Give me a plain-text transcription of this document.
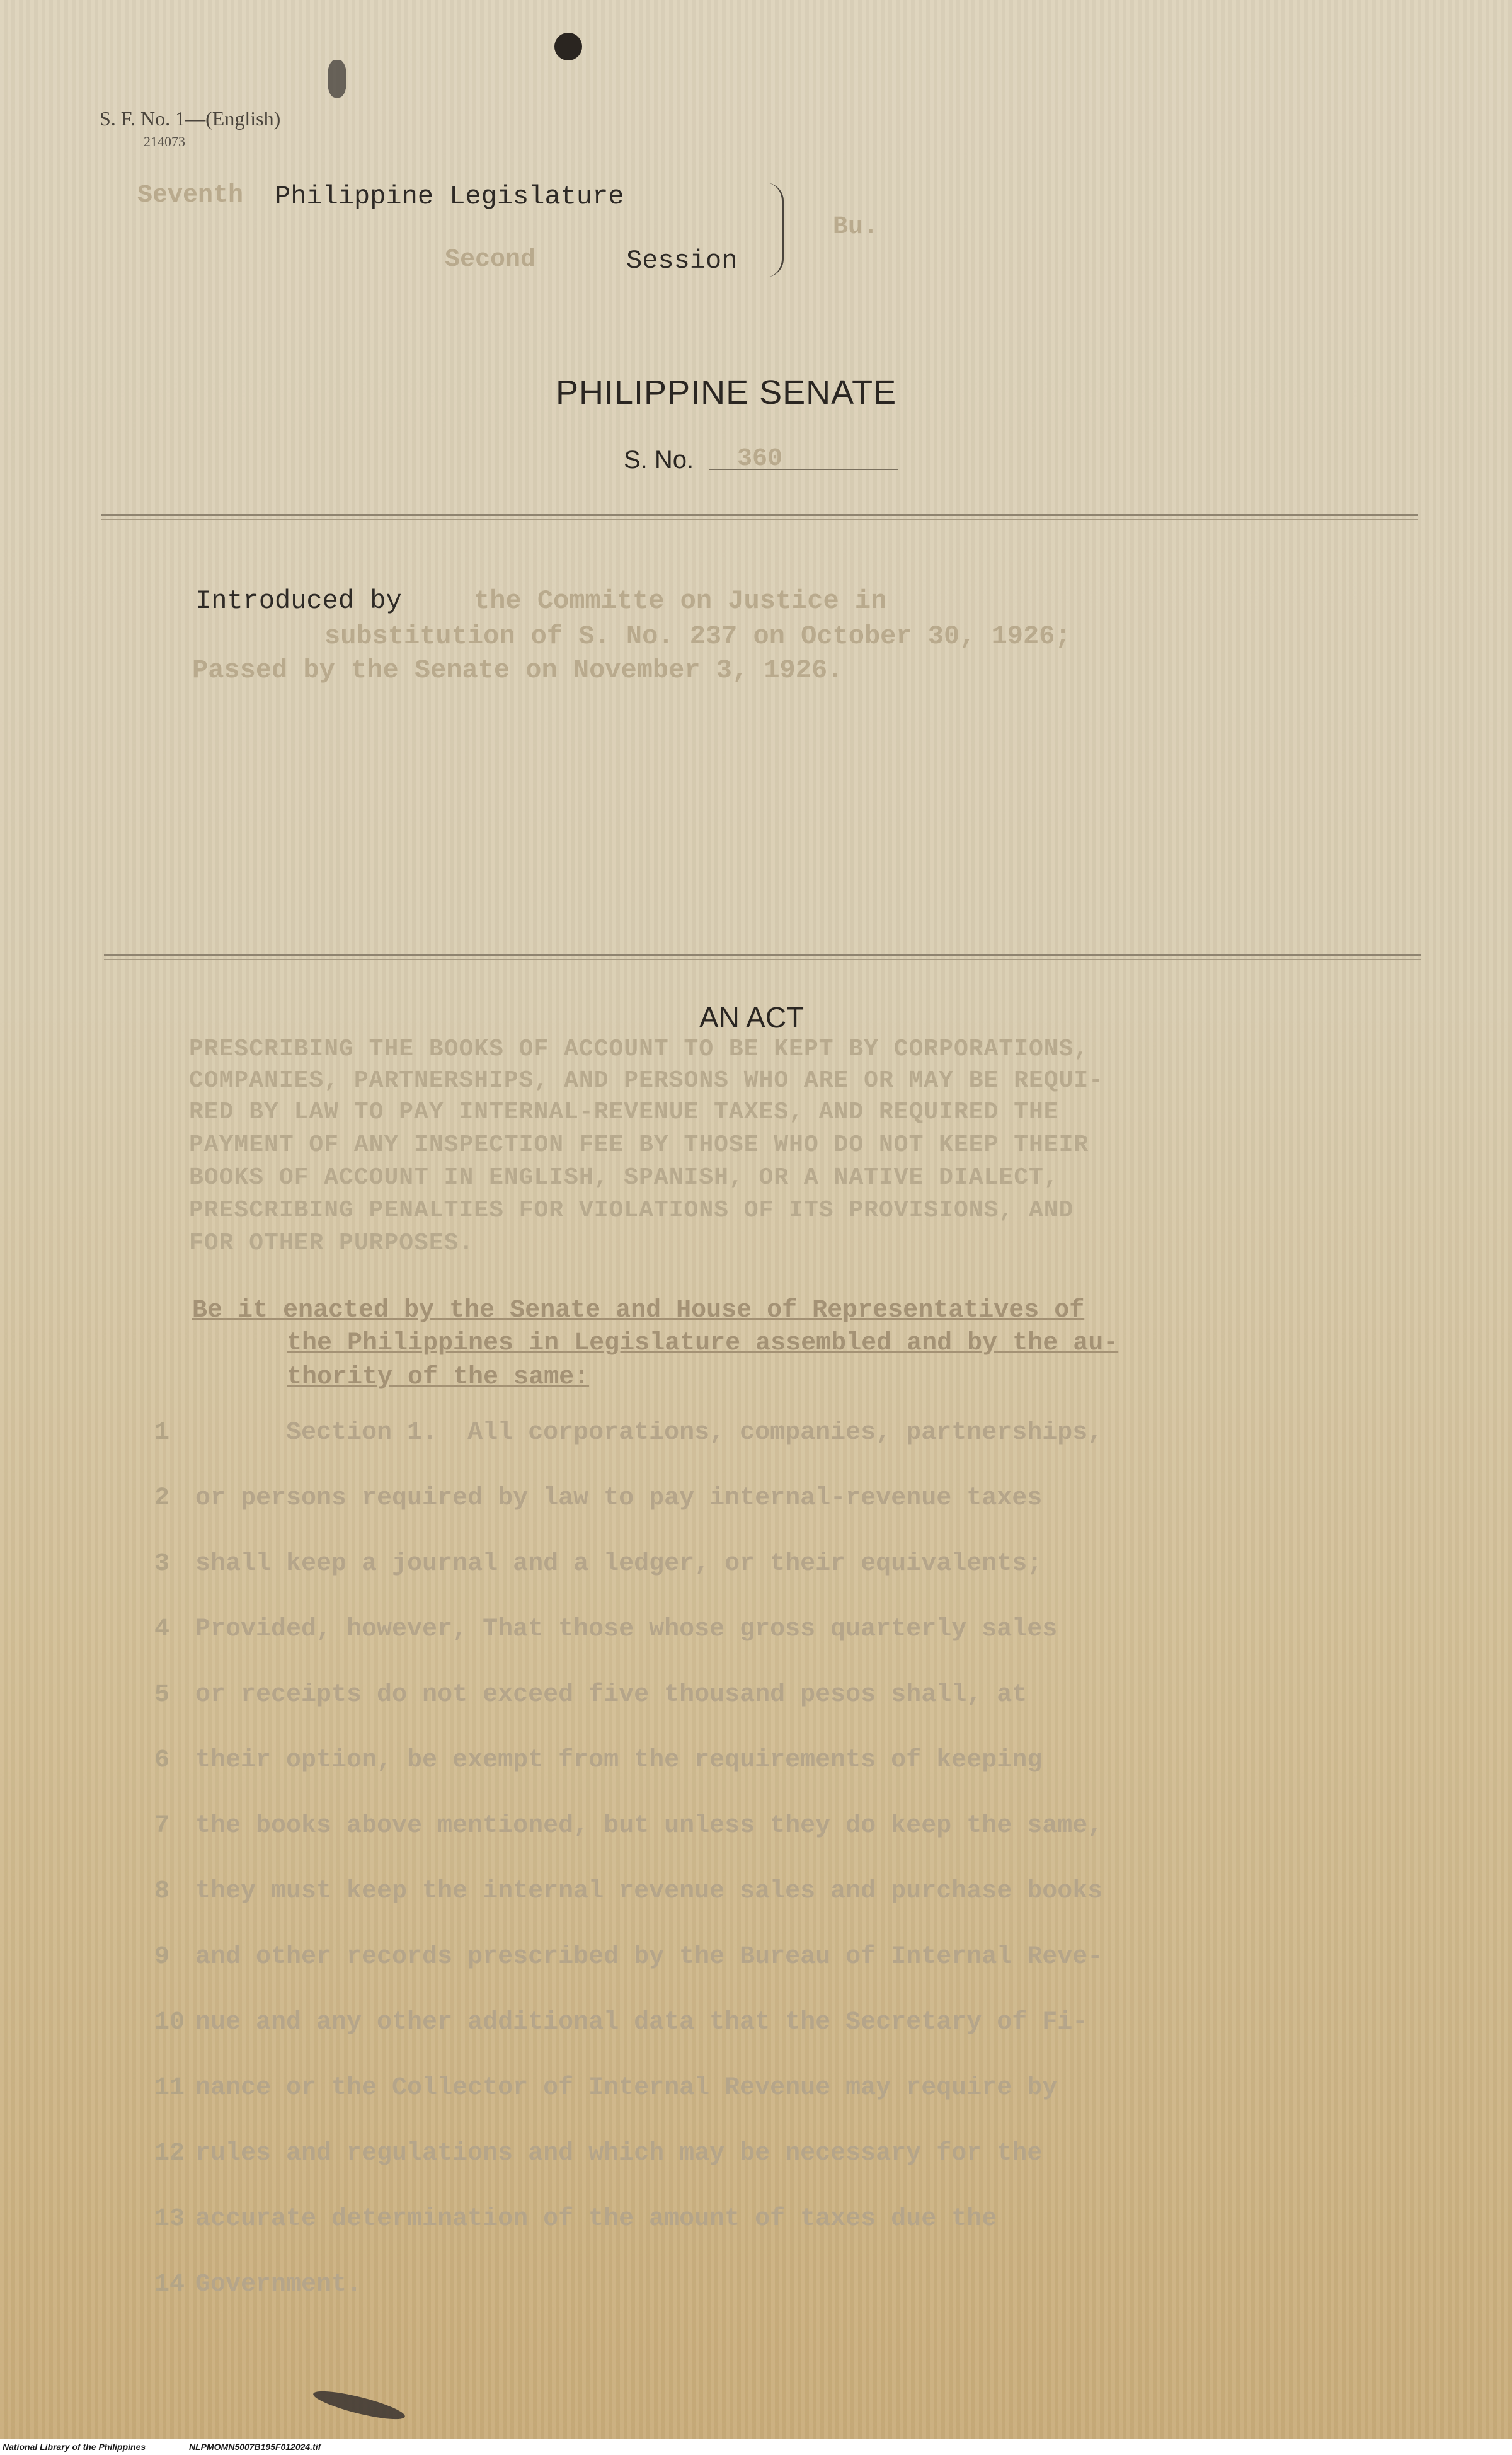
S. F. No. 1—(English)
214073
Seventh Philippine Legislature
Second	Session
Bu.
PHILIPPINE SENATE
S. No. 360
Introduced by	the Committe on Justice in
substitution of S. No. 237 on October 30, 1926;
Passed by the Senate on November 3, 1926.
AN ACT
PRESCRIBING THE BOOKS OF ACCOUNT TO BE KEPT BY CORPORATIONS,
COMPANIES, PARTNERSHIPS, AND PERSONS WHO ARE OR MAY BE REQUI-
RED BY LAW TO PAY INTERNAL-REVENUE TAXES, AND REQUIRED THE
PAYMENT OF ANY INSPECTION FEE BY THOSE WHO DO NOT KEEP THEIR
BOOKS OF ACCOUNT IN ENGLISH, SPANISH, OR A NATIVE DIALECT,
PRESCRIBING PENALTIES FOR VIOLATIONS OF ITS PROVISIONS, AND
FOR OTHER PURPOSES.
Be it enacted by the Senate and House of Representatives of
the Philippines in Legislature assembled and by the au-
thority of the same:
1	Section 1.  All corporations, companies, partnerships,
2	or persons required by law to pay internal-revenue taxes
3	shall keep a journal and a ledger, or their equivalents;
4	Provided, however, That those whose gross quarterly sales
5	or receipts do not exceed five thousand pesos shall, at
6	their option, be exempt from the requirements of keeping
7	the books above mentioned, but unless they do keep the same,
8	they must keep the internal revenue sales and purchase books
9	and other records prescribed by the Bureau of Internal Reve-
10 nue and any other additional data that the Secretary of Fi-
11 nance or the Collector of Internal Revenue may require by
12 rules and regulations and which may be necessary for the
13 accurate determination of the amount of taxes due the
14 Government.
National Library of the Philippines	NLPMOMN5007B195F012024.tif
